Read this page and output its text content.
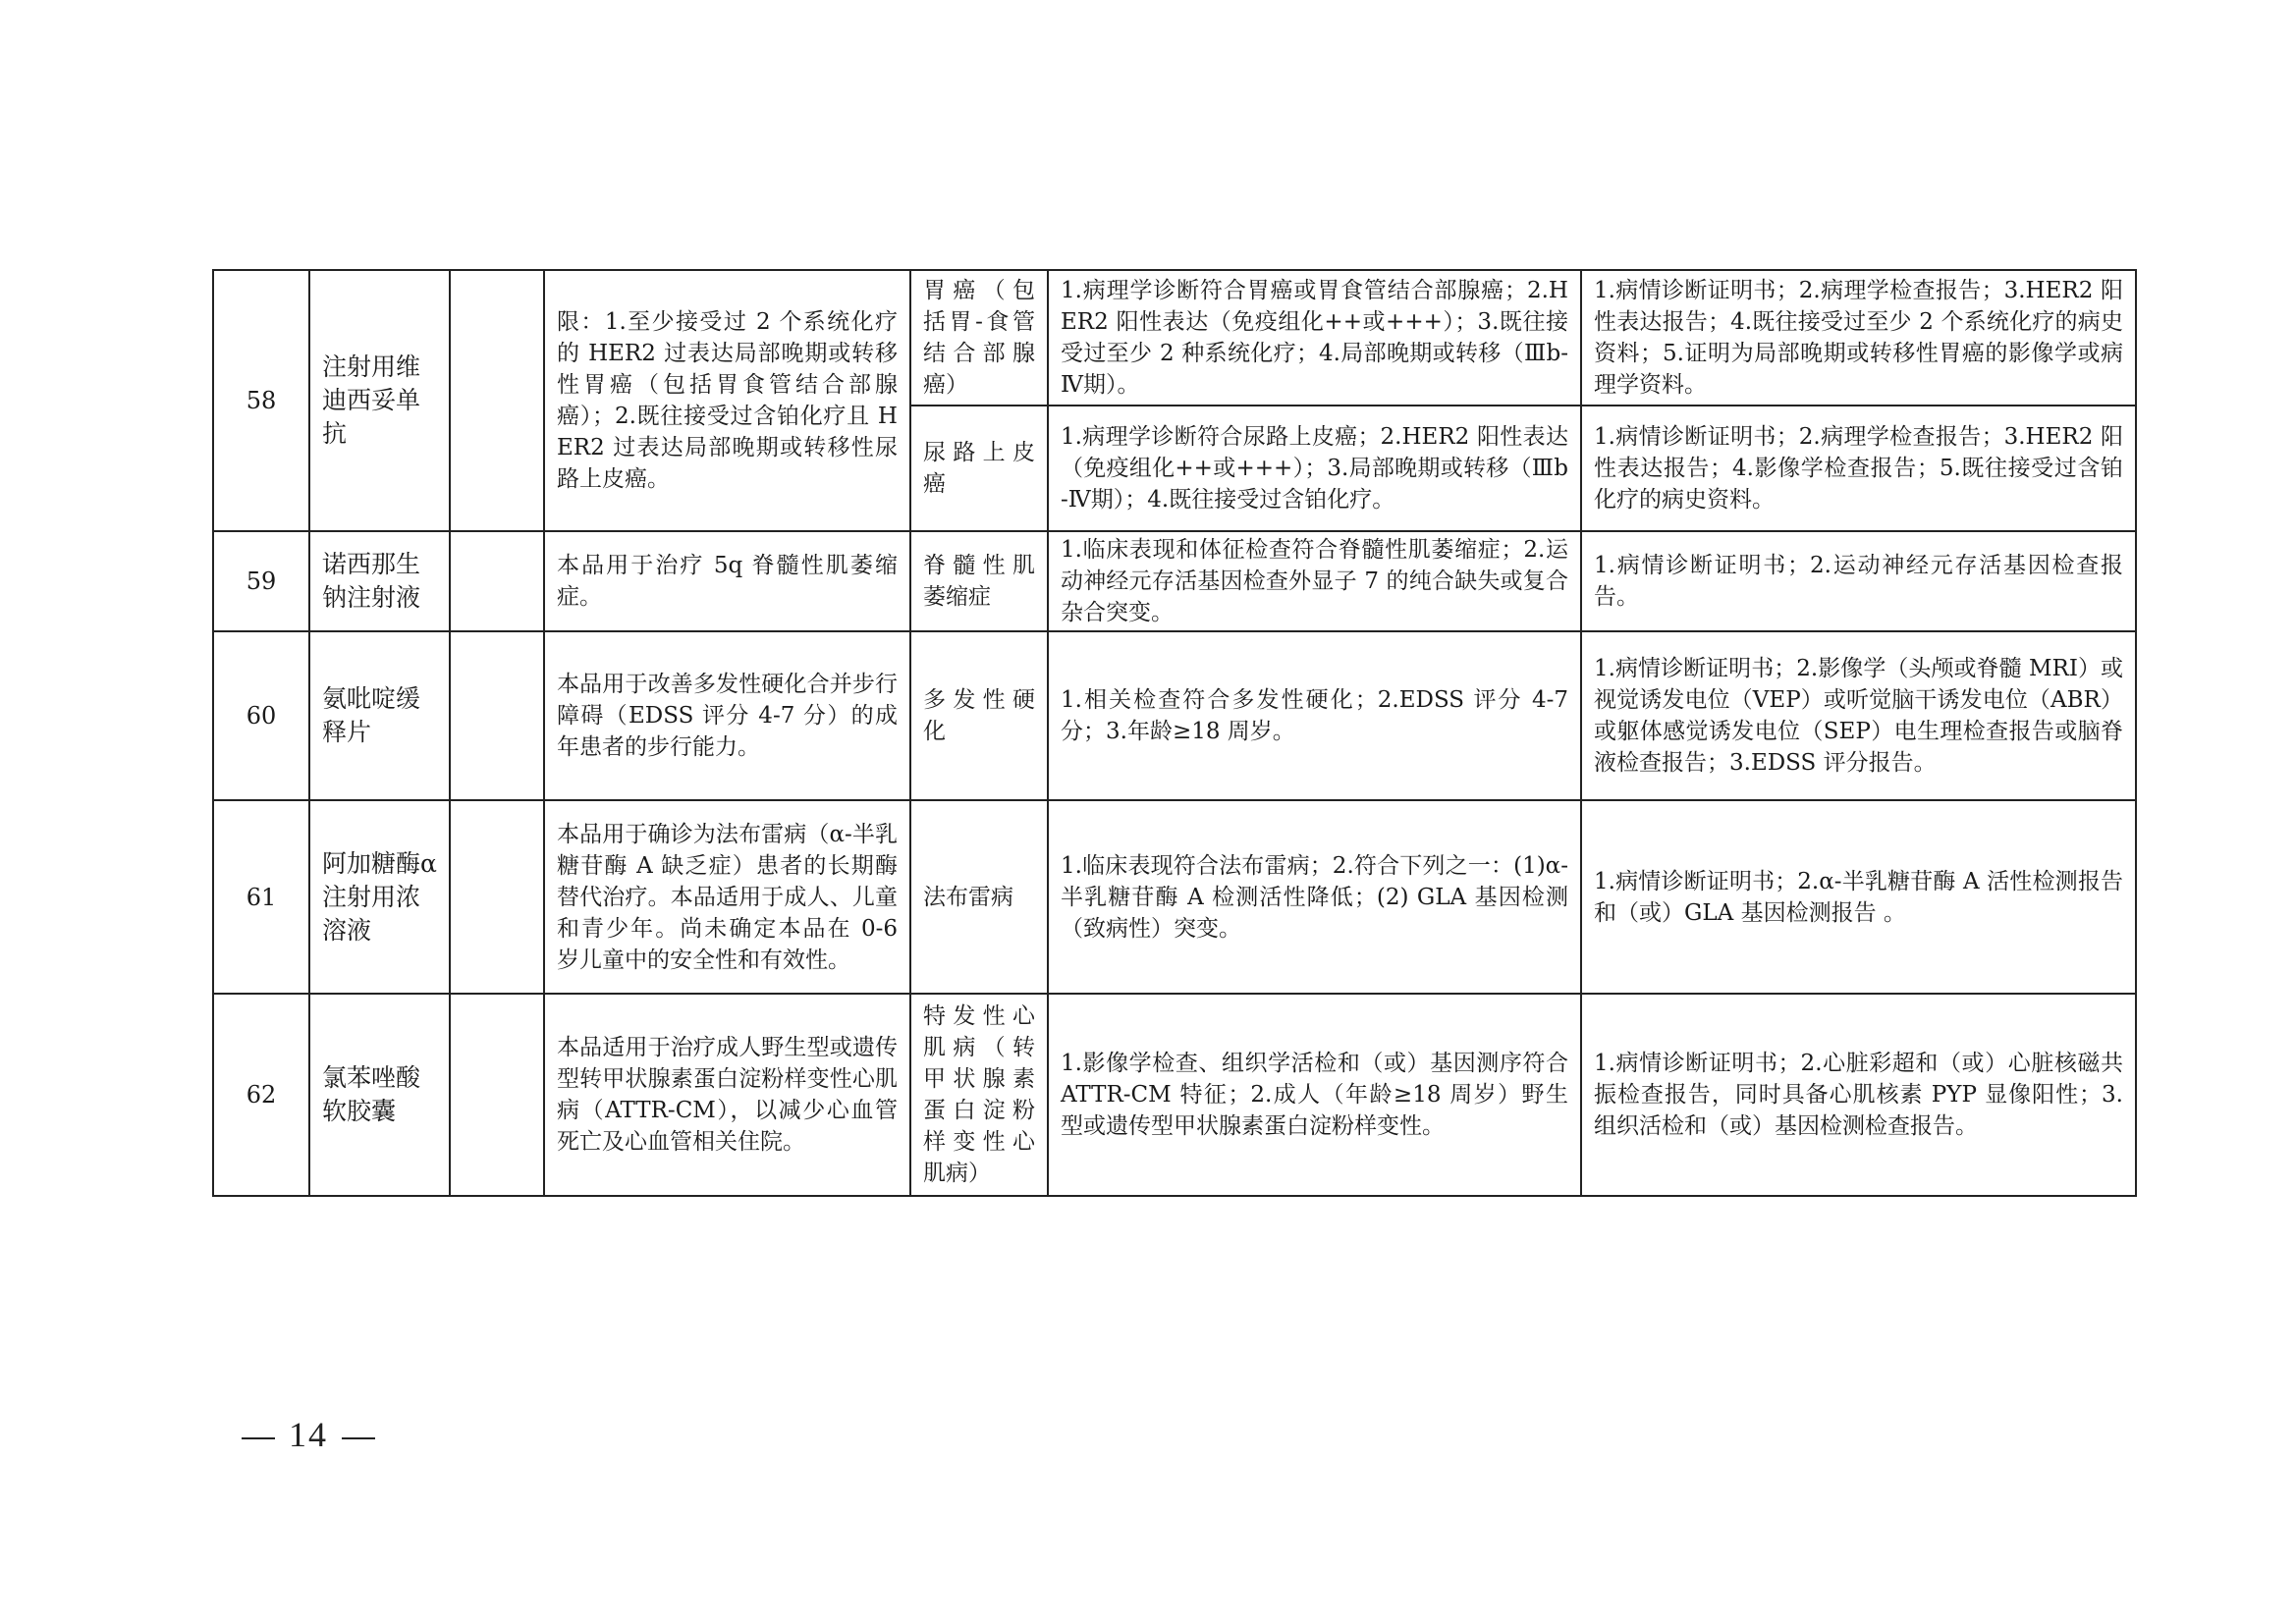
58	注射用维迪西妥单抗		限：1.至少接受过 2 个系统化疗的 HER2 过表达局部晚期或转移性胃癌（包括胃食管结合部腺癌）；2.既往接受过含铂化疗且 HER2 过表达局部晚期或转移性尿路上皮癌。	胃癌（包括胃-食管结合部腺癌）	1.病理学诊断符合胃癌或胃食管结合部腺癌；2.HER2 阳性表达（免疫组化++或+++）；3.既往接受过至少 2 种系统化疗；4.局部晚期或转移（Ⅲb-Ⅳ期）。	1.病情诊断证明书；2.病理学检查报告；3.HER2 阳性表达报告；4.既往接受过至少 2 个系统化疗的病史资料；5.证明为局部晚期或转移性胃癌的影像学或病理学资料。
				尿路上皮癌	1.病理学诊断符合尿路上皮癌；2.HER2 阳性表达（免疫组化++或+++）；3.局部晚期或转移（Ⅲb-Ⅳ期）；4.既往接受过含铂化疗。	1.病情诊断证明书；2.病理学检查报告；3.HER2 阳性表达报告；4.影像学检查报告；5.既往接受过含铂化疗的病史资料。
59	诺西那生钠注射液		本品用于治疗 5q 脊髓性肌萎缩症。	脊髓性肌萎缩症	1.临床表现和体征检查符合脊髓性肌萎缩症；2.运动神经元存活基因检查外显子 7 的纯合缺失或复合杂合突变。	1.病情诊断证明书；2.运动神经元存活基因检查报告。
60	氨吡啶缓释片		本品用于改善多发性硬化合并步行障碍（EDSS 评分 4-7 分）的成年患者的步行能力。	多发性硬化	1.相关检查符合多发性硬化；2.EDSS 评分 4-7 分；3.年龄≥18 周岁。	1.病情诊断证明书；2.影像学（头颅或脊髓 MRI）或视觉诱发电位（VEP）或听觉脑干诱发电位（ABR）或躯体感觉诱发电位（SEP）电生理检查报告或脑脊液检查报告；3.EDSS 评分报告。
61	阿加糖酶α注射用浓溶液		本品用于确诊为法布雷病（α-半乳糖苷酶 A 缺乏症）患者的长期酶替代治疗。本品适用于成人、儿童和青少年。尚未确定本品在 0-6 岁儿童中的安全性和有效性。	法布雷病	1.临床表现符合法布雷病；2.符合下列之一：(1)α-半乳糖苷酶 A 检测活性降低；(2) GLA 基因检测（致病性）突变。	1.病情诊断证明书；2.α-半乳糖苷酶 A 活性检测报告和（或）GLA 基因检测报告 。
62	氯苯唑酸软胶囊		本品适用于治疗成人野生型或遗传型转甲状腺素蛋白淀粉样变性心肌病（ATTR-CM），以减少心血管死亡及心血管相关住院。	特发性心肌病（转甲状腺素蛋白淀粉样变性心肌病）	1.影像学检查、组织学活检和（或）基因测序符合 ATTR-CM 特征；2.成人（年龄≥18 周岁）野生型或遗传型甲状腺素蛋白淀粉样变性。	1.病情诊断证明书；2.心脏彩超和（或）心脏核磁共振检查报告，同时具备心肌核素 PYP 显像阳性；3.组织活检和（或）基因检测检查报告。
14
